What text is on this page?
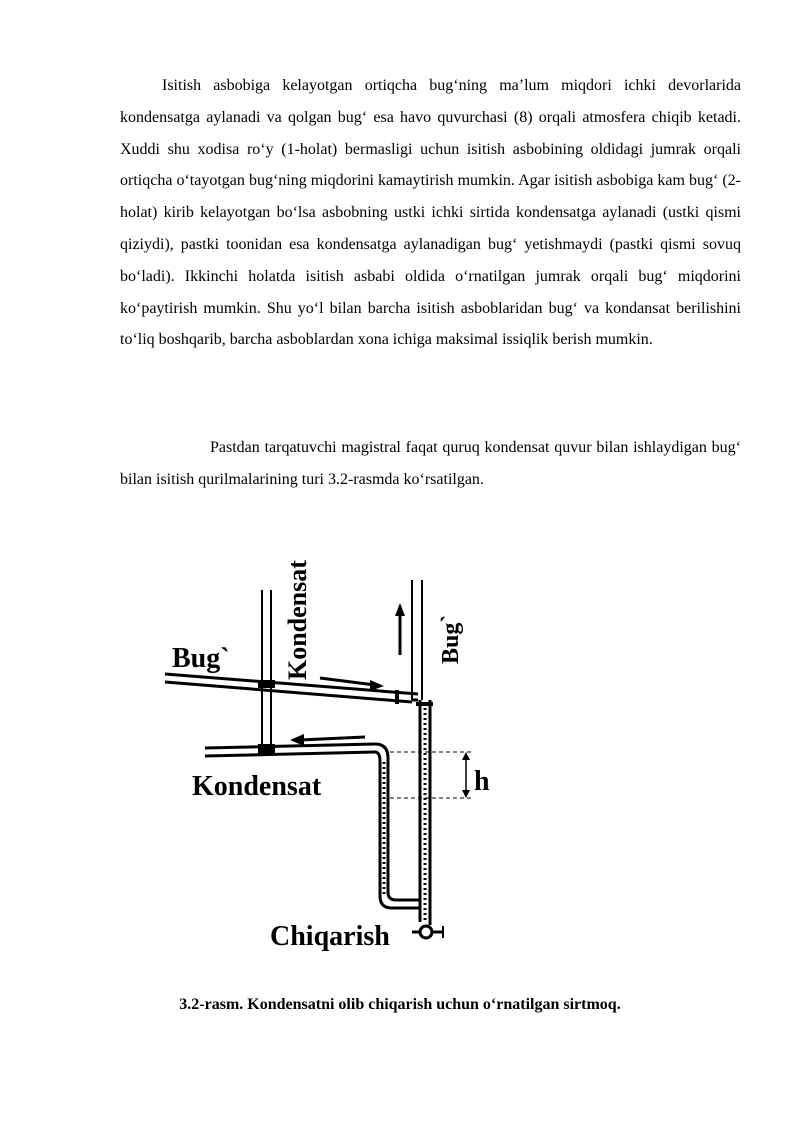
Isitish asbobiga kelayotgan ortiqcha bug‘ning ma’lum miqdori ichki devorlarida kondensatga aylanadi va qolgan bug‘ esa havo quvurchasi (8) orqali atmosfera chiqib ketadi. Xuddi shu xodisa ro‘y (1-holat) bermasligi uchun isitish asbobining oldidagi jumrak orqali ortiqcha o‘tayotgan bug‘ning miqdorini kamaytirish mumkin. Agar isitish asbobiga kam bug‘ (2-holat) kirib kelayotgan bo‘lsa asbobning ustki ichki sirtida kondensatga aylanadi (ustki qismi qiziydi), pastki toonidan esa kondensatga aylanadigan bug‘ yetishmaydi (pastki qismi sovuq bo‘ladi). Ikkinchi holatda isitish asbabi oldida o‘rnatilgan jumrak orqali bug‘ miqdorini ko‘paytirish mumkin. Shu yo‘l bilan barcha isitish asboblaridan bug‘ va kondansat berilishini to‘liq boshqarib, barcha asboblardan xona ichiga maksimal issiqlik berish mumkin.

Pastdan tarqatuvchi magistral faqat quruq kondensat quvur bilan ishlaydigan bug‘ bilan isitish qurilmalarining turi 3.2-rasmda ko‘rsatilgan.

Bug` Kondensat	Bug`
Kondensat	h
Chiqarish

3.2-rasm. Kondensatni olib chiqarish uchun o‘rnatilgan sirtmoq.
